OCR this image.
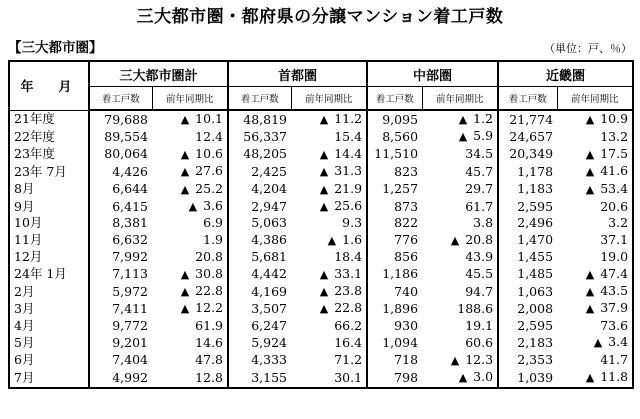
三大都市圏・都府県の分譲マンション着工戸数
【三大都市圏】	（単位：戸、％）
年　月	三大都市圏計		首都圏		中部圏		近畿圏	
	着工戸数	前年同期比	着工戸数	前年同期比	着工戸数	前年同期比	着工戸数	前年同期比
21年度	79,688	▲ 10.1	48,819	▲ 11.2	9,095	▲ 1.2	21,774	▲ 10.9
22年度	89,554	12.4	56,337	15.4	8,560	▲ 5.9	24,657	13.2
23年度	80,064	▲ 10.6	48,205	▲ 14.4	11,510	34.5	20,349	▲ 17.5
23年 7月	4,426	▲ 27.6	2,425	▲ 31.3	823	45.7	1,178	▲ 41.6
8月	6,644	▲ 25.2	4,204	▲ 21.9	1,257	29.7	1,183	▲ 53.4
9月	6,415	▲ 3.6	2,947	▲ 25.6	873	61.7	2,595	20.6
10月	8,381	6.9	5,063	9.3	822	3.8	2,496	3.2
11月	6,632	1.9	4,386	▲ 1.6	776	▲ 20.8	1,470	37.1
12月	7,992	20.8	5,681	18.4	856	43.9	1,455	19.0
24年 1月	7,113	▲ 30.8	4,442	▲ 33.1	1,186	45.5	1,485	▲ 47.4
2月	5,972	▲ 22.8	4,169	▲ 23.8	740	94.7	1,063	▲ 43.5
3月	7,411	▲ 12.2	3,507	▲ 22.8	1,896	188.6	2,008	▲ 37.9
4月	9,772	61.9	6,247	66.2	930	19.1	2,595	73.6
5月	9,201	14.6	5,924	16.4	1,094	60.6	2,183	▲ 3.4
6月	7,404	47.8	4,333	71.2	718	▲ 12.3	2,353	41.7
7月	4,992	12.8	3,155	30.1	798	▲ 3.0	1,039	▲ 11.8
